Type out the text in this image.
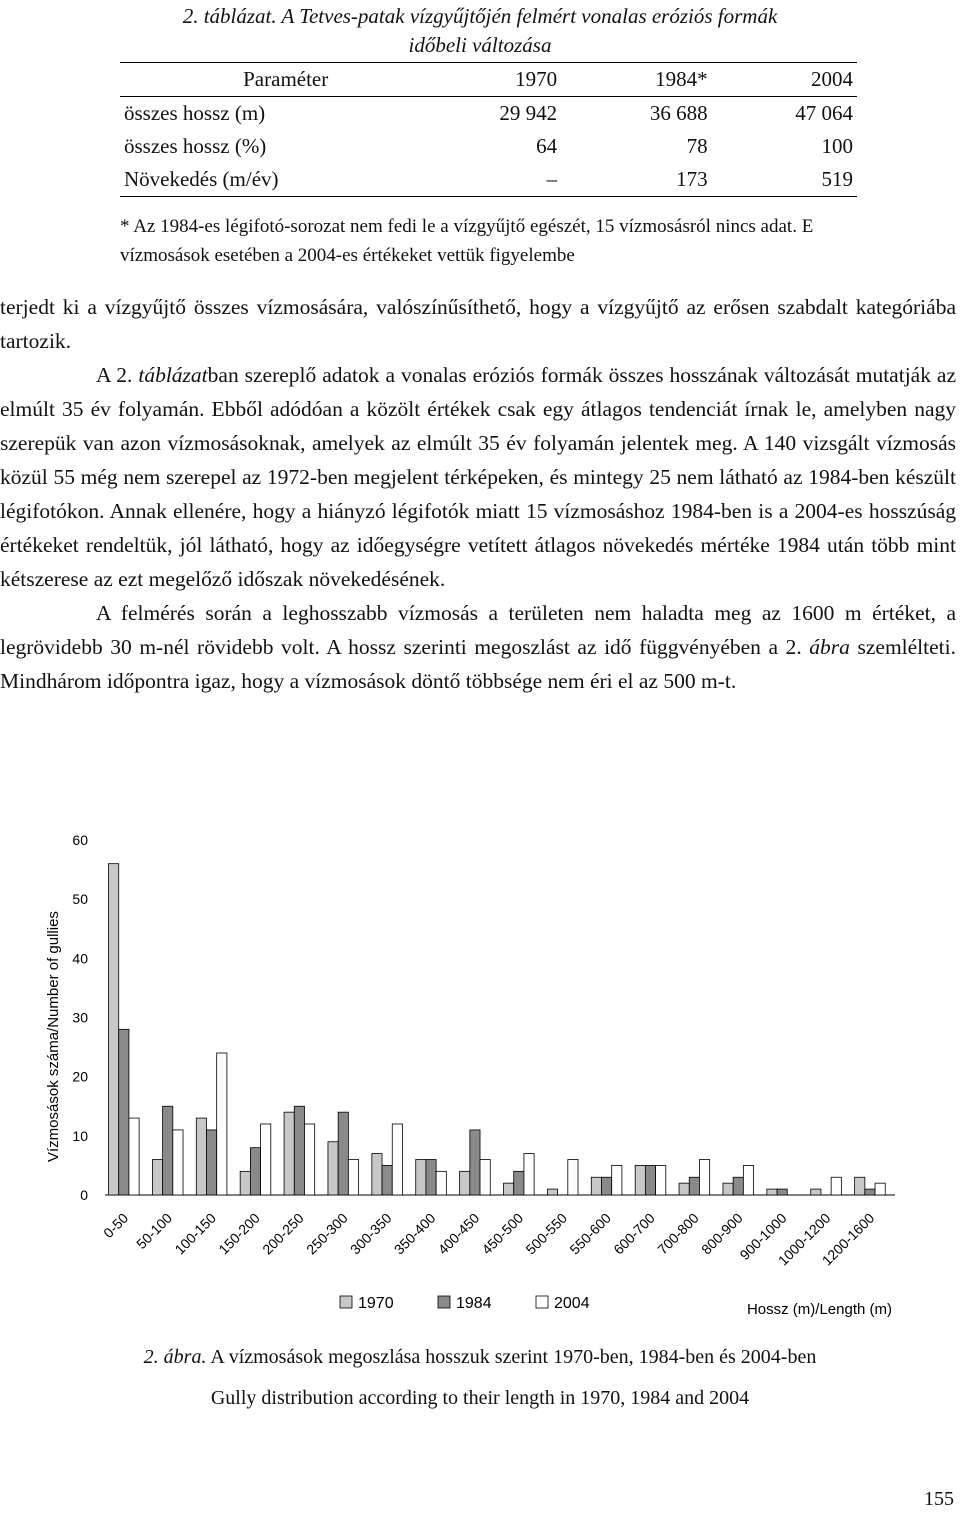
2. táblázat. A Tetves-patak vízgyűjtőjén felmért vonalas eróziós formák
időbeli változása
Paraméter	1970	1984*	2004
összes hossz (m)	29 942	36 688	47 064
összes hossz (%)	64	78	100
Növekedés (m/év)	–	173	519
* Az 1984-es légifotó-sorozat nem fedi le a vízgyűjtő egészét, 15 vízmosásról nincs adat. E vízmosások esetében a 2004-es értékeket vettük figyelembe

terjedt ki a vízgyűjtő összes vízmosására, valószínűsíthető, hogy a vízgyűjtő az erősen szabdalt kategóriába tartozik.

A 2. táblázatban szereplő adatok a vonalas eróziós formák összes hosszának változását mutatják az elmúlt 35 év folyamán. Ebből adódóan a közölt értékek csak egy átlagos tendenciát írnak le, amelyben nagy szerepük van azon vízmosásoknak, amelyek az elmúlt 35 év folyamán jelentek meg. A 140 vizsgált vízmosás közül 55 még nem szerepel az 1972-ben megjelent térképeken, és mintegy 25 nem látható az 1984-ben készült légifotókon. Annak ellenére, hogy a hiányzó légifotók miatt 15 vízmosáshoz 1984-ben is a 2004-es hosszúság értékeket rendeltük, jól látható, hogy az időegységre vetített átlagos növekedés mértéke 1984 után több mint kétszerese az ezt megelőző időszak növekedésének.

A felmérés során a leghosszabb vízmosás a területen nem haladta meg az 1600 m értéket, a legrövidebb 30 m-nél rövidebb volt. A hossz szerinti megoszlást az idő függvényében a 2. ábra szemlélteti. Mindhárom időpontra igaz, hogy a vízmosások döntő többsége nem éri el az 500 m-t.

Vízmosások száma/Number of gullies
0
10
20
30
40
50
60
0-50 50-100
100-150
150-200
200-250
250-300
300-350
350-400
400-450
450-500
500-550
550-600
600-700
700-800
800-900
900-1000
1000-1200
1200-1600
1970	1984	2004	Hossz (m)/Length (m)
2. ábra. A vízmosások megoszlása hosszuk szerint 1970-ben, 1984-ben és 2004-ben
Gully distribution according to their length in 1970, 1984 and 2004
155
